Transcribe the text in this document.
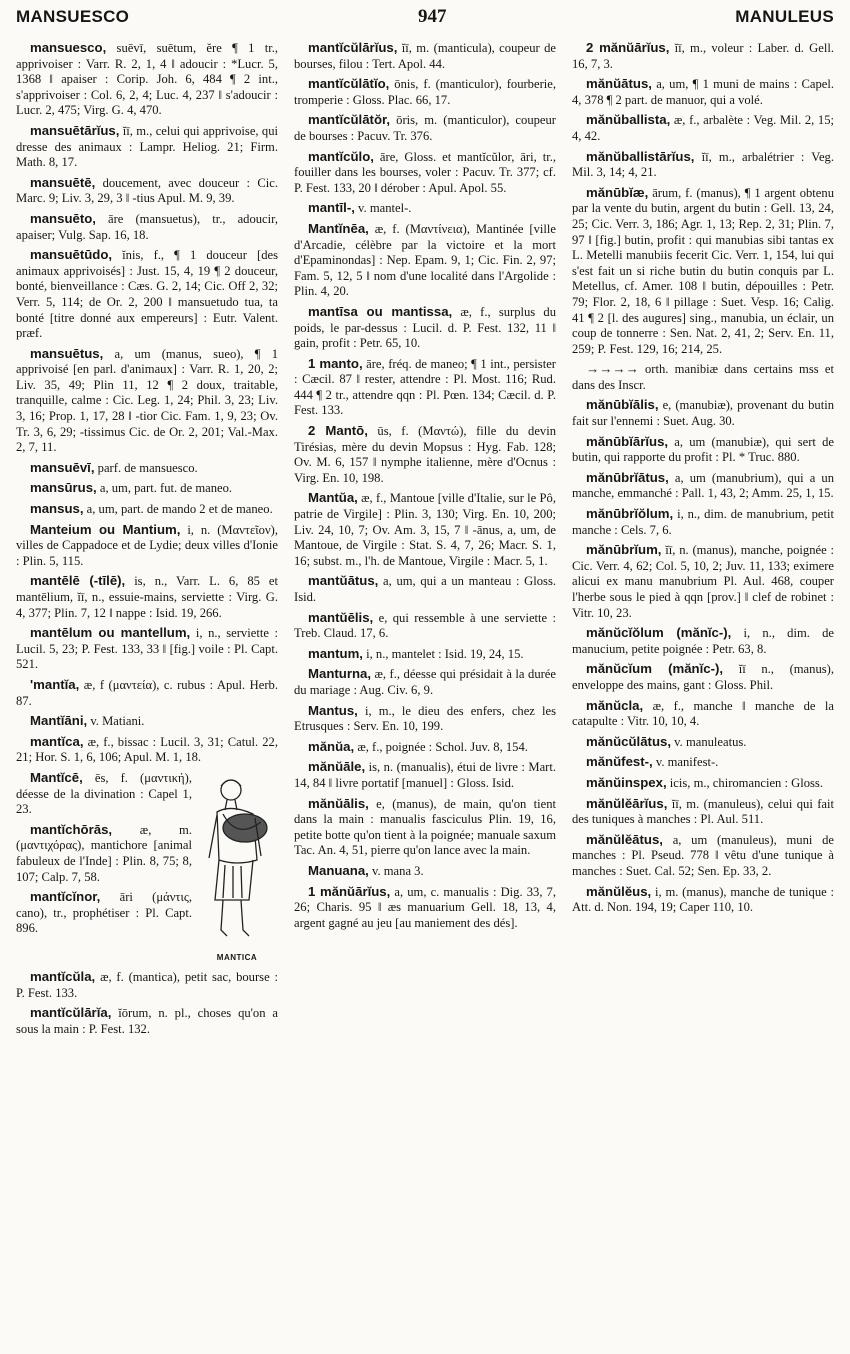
MANSUESCO	947	MANULEUS

mansuesco, suēvī, suētum, ĕre ¶ 1 tr., apprivoiser : Varr. R. 2, 1, 4 ‖ adoucir : *Lucr. 5, 1368 ‖ apaiser : Corip. Joh. 6, 484 ¶ 2 int., s'apprivoiser : Col. 6, 2, 4; Luc. 4, 237 ‖ s'adoucir : Lucr. 2, 475; Virg. G. 4, 470.

mansuētārĭus, ĭī, m., celui qui apprivoise, qui dresse des animaux : Lampr. Heliog. 21; Firm. Math. 8, 17.

mansuētē, doucement, avec douceur : Cic. Marc. 9; Liv. 3, 29, 3 ‖ -tius Apul. M. 9, 39.

mansuēto, āre (mansuetus), tr., adoucir, apaiser; Vulg. Sap. 16, 18.

mansuētūdo, ĭnis, f., ¶ 1 douceur [des animaux apprivoisés] : Just. 15, 4, 19 ¶ 2 douceur, bonté, bienveillance : Cæs. G. 2, 14; Cic. Off 2, 32; Verr. 5, 114; de Or. 2, 200 ‖ mansuetudo tua, ta bonté [titre donné aux empereurs] : Eutr. Valent. præf.

mansuētus, a, um (manus, sueo), ¶ 1 apprivoisé [en parl. d'animaux] : Varr. R. 1, 20, 2; Liv. 35, 49; Plin 11, 12 ¶ 2 doux, traitable, tranquille, calme : Cic. Leg. 1, 24; Phil. 3, 23; Liv. 3, 16; Prop. 1, 17, 28 ‖ -tior Cic. Fam. 1, 9, 23; Ov. Tr. 3, 6, 29; -tissimus Cic. de Or. 2, 201; Val.-Max. 2, 7, 11.

mansuēvī, parf. de mansuesco.

mansūrus, a, um, part. fut. de maneo.

mansus, a, um, part. de mando 2 et de maneo.

Manteium ou Mantium, i, n. (Μαντεῖον), villes de Cappadoce et de Lydie; deux villes d'Ionie : Plin. 5, 115.

mantēlē (-tīlē), is, n., Varr. L. 6, 85 et mantēlium, ĭī, n., essuie-mains, serviette : Virg. G. 4, 377; Plin. 7, 12 ‖ nappe : Isid. 19, 266.

mantēlum ou mantellum, i, n., serviette : Lucil. 5, 23; P. Fest. 133, 33 ‖ [fig.] voile : Pl. Capt. 521.

'mantĭa, æ, f (μαντεία), c. rubus : Apul. Herb. 87.

Mantĭāni, v. Matiani.

mantĭca, æ, f., bissac : Lucil. 3, 31; Catul. 22, 21; Hor. S. 1, 6, 106; Apul. M. 1, 18.

Mantĭcē, ēs, f. (μαντική), déesse de la divination : Capel 1, 23.

mantĭchōrās, æ, m. (μαντιχόρας), mantichore [animal fabuleux de l'Inde] : Plin. 8, 75; 8, 107; Calp. 7, 58.

mantĭcĭnor, āri (μάντις, cano), tr., prophétiser : Pl. Capt. 896.

MANTICA

mantĭcŭla, æ, f. (mantica), petit sac, bourse : P. Fest. 133.

mantĭcŭlārĭa, ĭōrum, n. pl., choses qu'on a sous la main : P. Fest. 132.

mantĭcŭlārĭus, ĭī, m. (manticula), coupeur de bourses, filou : Tert. Apol. 44.

mantĭcŭlātĭo, ōnis, f. (manticulor), fourberie, tromperie : Gloss. Plac. 66, 17.

mantĭcŭlātŏr, ōris, m. (manticulor), coupeur de bourses : Pacuv. Tr. 376.

mantĭcŭlo, āre, Gloss. et mantĭcŭlor, āri, tr., fouiller dans les bourses, voler : Pacuv. Tr. 377; cf. P. Fest. 133, 20 ‖ dérober : Apul. Apol. 55.

mantīl-, v. mantel-.

Mantĭnēa, æ, f. (Μαντίνεια), Mantinée [ville d'Arcadie, célèbre par la victoire et la mort d'Epaminondas] : Nep. Epam. 9, 1; Cic. Fin. 2, 97; Fam. 5, 12, 5 ‖ nom d'une localité dans l'Argolide : Plin. 4, 20.

mantīsa ou mantissa, æ, f., surplus du poids, le par-dessus : Lucil. d. P. Fest. 132, 11 ‖ gain, profit : Petr. 65, 10.

1 manto, āre, fréq. de maneo; ¶ 1 int., persister : Cæcil. 87 ‖ rester, attendre : Pl. Most. 116; Rud. 444 ¶ 2 tr., attendre qqn : Pl. Pœn. 134; Cæcil. d. P. Fest. 133.

2 Mantō, ūs, f. (Μαντώ), fille du devin Tirésias, mère du devin Mopsus : Hyg. Fab. 128; Ov. M. 6, 157 ‖ nymphe italienne, mère d'Ocnus : Virg. En. 10, 198.

Mantŭa, æ, f., Mantoue [ville d'Italie, sur le Pô, patrie de Virgile] : Plin. 3, 130; Virg. En. 10, 200; Liv. 24, 10, 7; Ov. Am. 3, 15, 7 ‖ -ānus, a, um, de Mantoue, de Virgile : Stat. S. 4, 7, 26; Macr. S. 1, 16; subst. m., l'h. de Mantoue, Virgile : Macr. 5, 1.

mantŭātus, a, um, qui a un manteau : Gloss. Isid.

mantŭēlis, e, qui ressemble à une serviette : Treb. Claud. 17, 6.

mantum, i, n., mantelet : Isid. 19, 24, 15.

Manturna, æ, f., déesse qui présidait à la durée du mariage : Aug. Civ. 6, 9.

Mantus, i, m., le dieu des enfers, chez les Etrusques : Serv. En. 10, 199.

mănŭa, æ, f., poignée : Schol. Juv. 8, 154.

mănŭāle, is, n. (manualis), étui de livre : Mart. 14, 84 ‖ livre portatif [manuel] : Gloss. Isid.

mănŭālis, e, (manus), de main, qu'on tient dans la main : manualis fasciculus Plin. 19, 16, petite botte qu'on tient à la poignée; manuale saxum Tac. An. 4, 51, pierre qu'on lance avec la main.

Manuana, v. mana 3.

1 mănŭārĭus, a, um, c. manualis : Dig. 33, 7, 26; Charis. 95 ‖ æs manuarium Gell. 18, 13, 4, argent gagné au jeu [au maniement des dés].

2 mănŭārĭus, ĭī, m., voleur : Laber. d. Gell. 16, 7, 3.

mănŭātus, a, um, ¶ 1 muni de mains : Capel. 4, 378 ¶ 2 part. de manuor, qui a volé.

mănŭballista, æ, f., arbalète : Veg. Mil. 2, 15; 4, 42.

mănŭballistārĭus, ĭī, m., arbalétrier : Veg. Mil. 3, 14; 4, 21.

mănūbĭæ, ārum, f. (manus), ¶ 1 argent obtenu par la vente du butin, argent du butin : Gell. 13, 24, 25; Cic. Verr. 3, 186; Agr. 1, 13; Rep. 2, 31; Plin. 7, 97 ‖ [fig.] butin, profit : qui manubias sibi tantas ex L. Metelli manubiis fecerit Cic. Verr. 1, 154, lui qui s'est fait un si riche butin du butin conquis par L. Metellus, cf. Amer. 108 ‖ butin, dépouilles : Petr. 79; Flor. 2, 18, 6 ‖ pillage : Suet. Vesp. 16; Calig. 41 ¶ 2 [l. des augures] sing., manubia, un éclair, un coup de tonnerre : Sen. Nat. 2, 41, 2; Serv. En. 11, 259; P. Fest. 129, 16; 214, 25.

→→→→ orth. manibiæ dans certains mss et dans des Inscr.

mănūbĭālis, e, (manubiæ), provenant du butin fait sur l'ennemi : Suet. Aug. 30.

mănūbĭārĭus, a, um (manubiæ), qui sert de butin, qui rapporte du profit : Pl. * Truc. 880.

mănūbrĭātus, a, um (manubrium), qui a un manche, emmanché : Pall. 1, 43, 2; Amm. 25, 1, 15.

mănūbrĭŏlum, i, n., dim. de manubrium, petit manche : Cels. 7, 6.

mănūbrĭum, ĭī, n. (manus), manche, poignée : Cic. Verr. 4, 62; Col. 5, 10, 2; Juv. 11, 133; eximere alicui ex manu manubrium Pl. Aul. 468, couper l'herbe sous le pied à qqn [prov.] ‖ clef de robinet : Vitr. 10, 23.

mănŭcĭŏlum (mănĭc-), i, n., dim. de manucium, petite poignée : Petr. 63, 8.

mănŭcĭum (mănĭc-), ĭī n., (manus), enveloppe des mains, gant : Gloss. Phil.

mănŭcla, æ, f., manche ‖ manche de la catapulte : Vitr. 10, 10, 4.

mănŭcŭlātus, v. manuleatus.

mănŭfest-, v. manifest-.

mănŭinspex, icis, m., chiromancien : Gloss.

mănŭlĕārĭus, ĭī, m. (manuleus), celui qui fait des tuniques à manches : Pl. Aul. 511.

mănŭlĕātus, a, um (manuleus), muni de manches : Pl. Pseud. 778 ‖ vêtu d'une tunique à manches : Suet. Cal. 52; Sen. Ep. 33, 2.

mănŭlĕus, i, m. (manus), manche de tunique : Att. d. Non. 194, 19; Caper 110, 10.
